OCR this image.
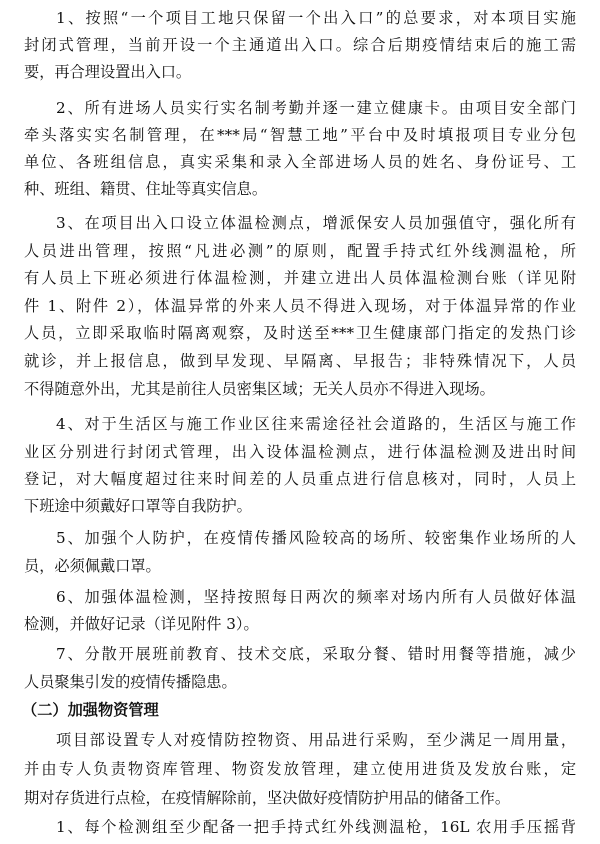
1、按照“一个项目工地只保留一个出入口”的总要求，对本项目实施
封闭式管理，当前开设一个主通道出入口。综合后期疫情结束后的施工需
要，再合理设置出入口。
2、所有进场人员实行实名制考勤并逐一建立健康卡。由项目安全部门
牵头落实实名制管理，在***局“智慧工地”平台中及时填报项目专业分包
单位、各班组信息，真实采集和录入全部进场人员的姓名、身份证号、工
种、班组、籍贯、住址等真实信息。
3、在项目出入口设立体温检测点，增派保安人员加强值守，强化所有
人员进出管理，按照“凡进必测”的原则，配置手持式红外线测温枪，所
有人员上下班必须进行体温检测，并建立进出人员体温检测台账（详见附
件 1、附件 2），体温异常的外来人员不得进入现场，对于体温异常的作业
人员，立即采取临时隔离观察，及时送至***卫生健康部门指定的发热门诊
就诊，并上报信息，做到早发现、早隔离、早报告；非特殊情况下，人员
不得随意外出，尤其是前往人员密集区域；无关人员亦不得进入现场。
4、对于生活区与施工作业区往来需途径社会道路的，生活区与施工作
业区分别进行封闭式管理，出入设体温检测点，进行体温检测及进出时间
登记，对大幅度超过往来时间差的人员重点进行信息核对，同时，人员上
下班途中须戴好口罩等自我防护。
5、加强个人防护，在疫情传播风险较高的场所、较密集作业场所的人
员，必须佩戴口罩。
6、加强体温检测，坚持按照每日两次的频率对场内所有人员做好体温
检测，并做好记录（详见附件 3）。
7、分散开展班前教育、技术交底，采取分餐、错时用餐等措施，减少
人员聚集引发的疫情传播隐患。
（二）加强物资管理
项目部设置专人对疫情防控物资、用品进行采购，至少满足一周用量，
并由专人负责物资库管理、物资发放管理，建立使用进货及发放台账，定
期对存货进行点检，在疫情解除前，坚决做好疫情防护用品的储备工作。
1、每个检测组至少配备一把手持式红外线测温枪，16L 农用手压摇背
